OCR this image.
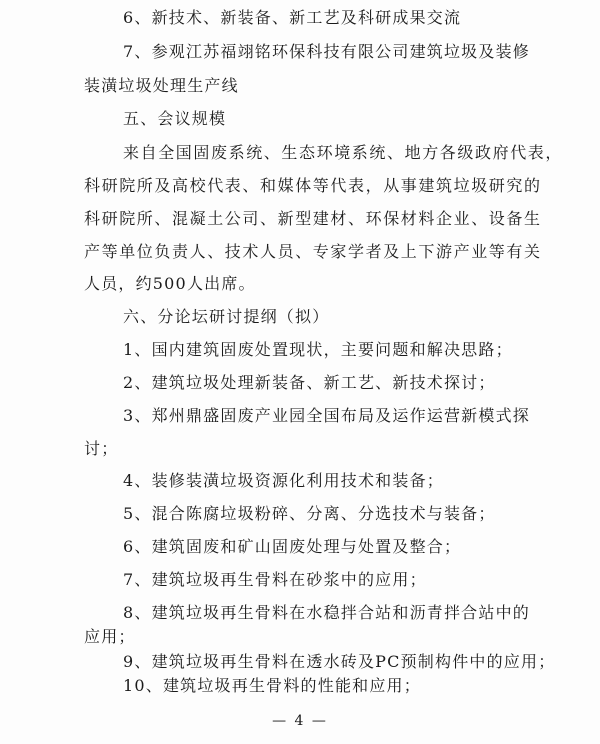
6、新技术、新装备、新工艺及科研成果交流
7、参观江苏福翊铭环保科技有限公司建筑垃圾及装修
装潢垃圾处理生产线
五、会议规模
来自全国固废系统、生态环境系统、地方各级政府代表，
科研院所及高校代表、和媒体等代表，从事建筑垃圾研究的
科研院所、混凝土公司、新型建材、环保材料企业、设备生
产等单位负责人、技术人员、专家学者及上下游产业等有关
人员，约500人出席。
六、分论坛研讨提纲（拟）
1、国内建筑固废处置现状，主要问题和解决思路；
2、建筑垃圾处理新装备、新工艺、新技术探讨；
3、郑州鼎盛固废产业园全国布局及运作运营新模式探
讨；
4、装修装潢垃圾资源化利用技术和装备；
5、混合陈腐垃圾粉碎、分离、分选技术与装备；
6、建筑固废和矿山固废处理与处置及整合；
7、建筑垃圾再生骨料在砂浆中的应用；
8、建筑垃圾再生骨料在水稳拌合站和沥青拌合站中的
应用；
9、建筑垃圾再生骨料在透水砖及PC预制构件中的应用；
10、建筑垃圾再生骨料的性能和应用；
— 4 —
